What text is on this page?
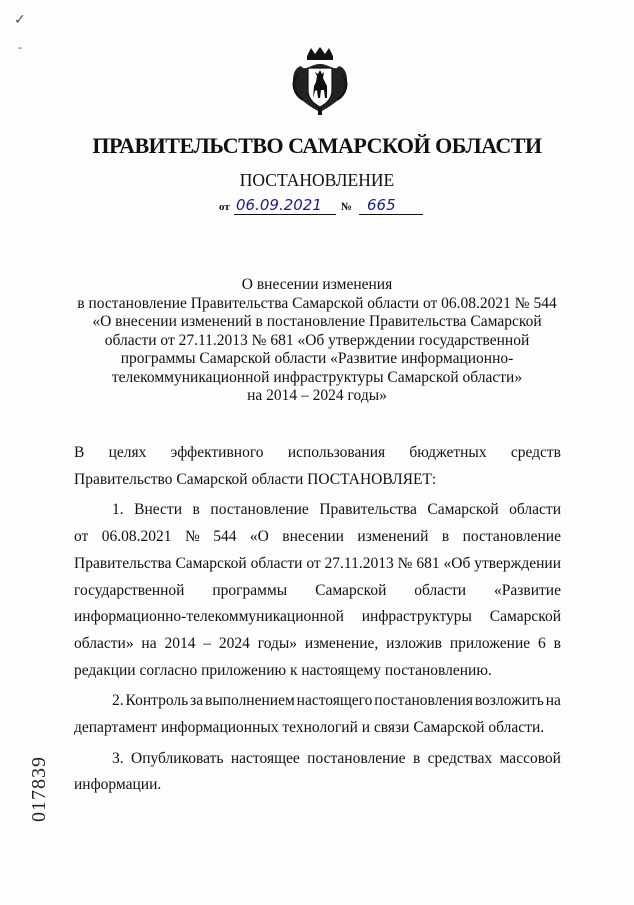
✓
-
ПРАВИТЕЛЬСТВО САМАРСКОЙ ОБЛАСТИ
ПОСТАНОВЛЕНИЕ
от 06.09.2021 № 665
О внесении изменения
в постановление Правительства Самарской области от 06.08.2021 № 544
«О внесении изменений в постановление Правительства Самарской
области от 27.11.2013 № 681 «Об утверждении государственной
программы Самарской области «Развитие информационно-
телекоммуникационной инфраструктуры Самарской области»
на 2014 – 2024 годы»
В целях эффективного использования бюджетных средств
Правительство Самарской области ПОСТАНОВЛЯЕТ:
1. Внести в постановление Правительства Самарской области
от 06.08.2021 № 544 «О внесении изменений в постановление
Правительства Самарской области от 27.11.2013 № 681 «Об утверждении
государственной программы Самарской области «Развитие
информационно-телекоммуникационной инфраструктуры Самарской
области» на 2014 – 2024 годы» изменение, изложив приложение 6 в
редакции согласно приложению к настоящему постановлению.
2. Контроль за выполнением настоящего постановления возложить на
департамент информационных технологий и связи Самарской области.
3. Опубликовать настоящее постановление в средствах массовой
информации.
017839
